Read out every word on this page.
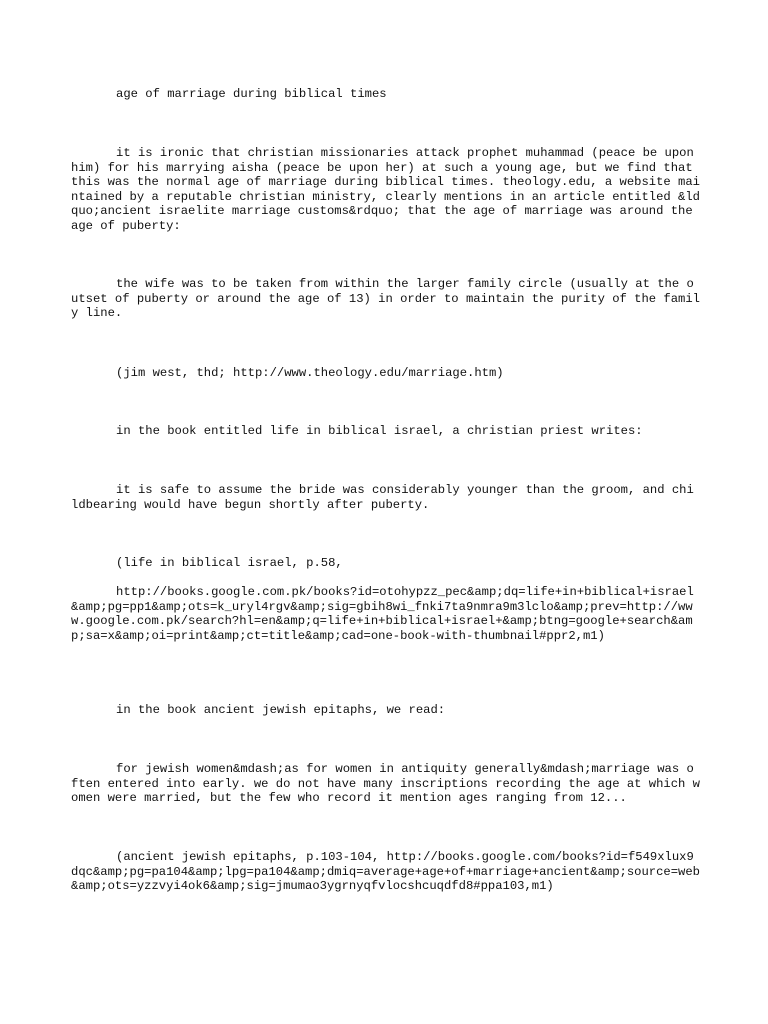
age of marriage during biblical times

it is ironic that christian missionaries attack prophet muhammad (peace be upon him) for his marrying aisha (peace be upon her) at such a young age, but we find that this was the normal age of marriage during biblical times. theology.edu, a website maintained by a reputable christian ministry, clearly mentions in an article entitled &ldquo;ancient israelite marriage customs&rdquo; that the age of marriage was around the age of puberty:

the wife was to be taken from within the larger family circle (usually at the outset of puberty or around the age of 13) in order to maintain the purity of the family line.

(jim west, thd; http://www.theology.edu/marriage.htm)

in the book entitled life in biblical israel, a christian priest writes:

it is safe to assume the bride was considerably younger than the groom, and childbearing would have begun shortly after puberty.

(life in biblical israel, p.58,

http://books.google.com.pk/books?id=otohypzz_pec&amp;dq=life+in+biblical+israel&amp;pg=pp1&amp;ots=k_uryl4rgv&amp;sig=gbih8wi_fnki7ta9nmra9m3lclo&amp;prev=http://www.google.com.pk/search?hl=en&amp;q=life+in+biblical+israel+&amp;btng=google+search&amp;sa=x&amp;oi=print&amp;ct=title&amp;cad=one-book-with-thumbnail#ppr2,m1)

in the book ancient jewish epitaphs, we read:

for jewish women&mdash;as for women in antiquity generally&mdash;marriage was often entered into early. we do not have many inscriptions recording the age at which women were married, but the few who record it mention ages ranging from 12...

(ancient jewish epitaphs, p.103-104, http://books.google.com/books?id=f549xlux9dqc&amp;pg=pa104&amp;lpg=pa104&amp;dmiq=average+age+of+marriage+ancient&amp;source=web&amp;ots=yzzvyi4ok6&amp;sig=jmumao3ygrnyqfvlocshcuqdfd8#ppa103,m1)
